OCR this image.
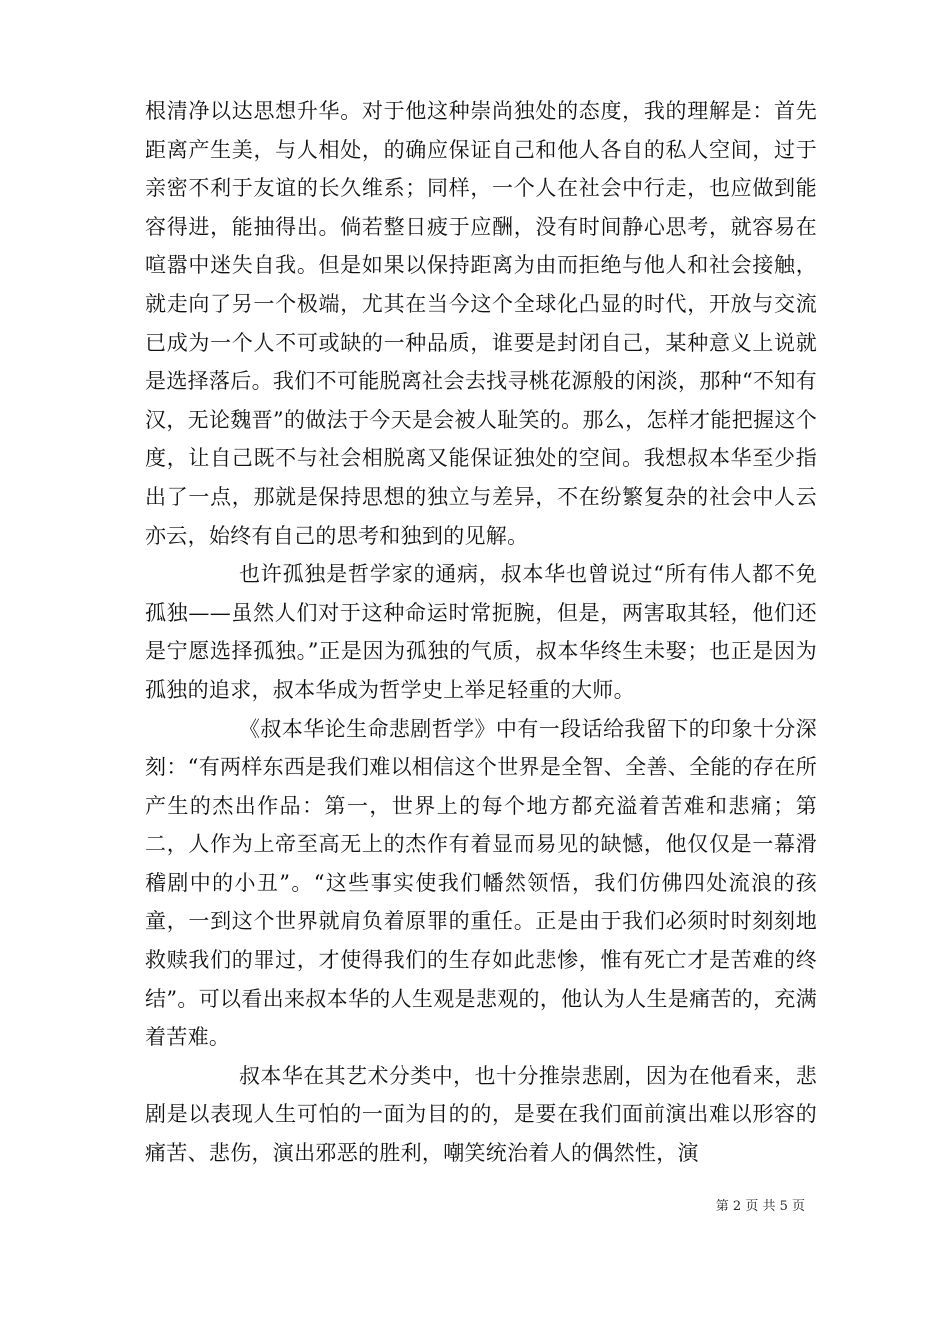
根清净以达思想升华。对于他这种崇尚独处的态度，我的理解是：首先距离产生美，与人相处，的确应保证自己和他人各自的私人空间，过于亲密不利于友谊的长久维系；同样，一个人在社会中行走，也应做到能容得进，能抽得出。倘若整日疲于应酬，没有时间静心思考，就容易在喧嚣中迷失自我。但是如果以保持距离为由而拒绝与他人和社会接触，就走向了另一个极端，尤其在当今这个全球化凸显的时代，开放与交流已成为一个人不可或缺的一种品质，谁要是封闭自己，某种意义上说就是选择落后。我们不可能脱离社会去找寻桃花源般的闲淡，那种“不知有汉，无论魏晋”的做法于今天是会被人耻笑的。那么，怎样才能把握这个度，让自己既不与社会相脱离又能保证独处的空间。我想叔本华至少指出了一点，那就是保持思想的独立与差异，不在纷繁复杂的社会中人云亦云，始终有自己的思考和独到的见解。

也许孤独是哲学家的通病，叔本华也曾说过“所有伟人都不免孤独——虽然人们对于这种命运时常扼腕，但是，两害取其轻，他们还是宁愿选择孤独。”正是因为孤独的气质，叔本华终生未娶；也正是因为孤独的追求，叔本华成为哲学史上举足轻重的大师。

《叔本华论生命悲剧哲学》中有一段话给我留下的印象十分深刻：“有两样东西是我们难以相信这个世界是全智、全善、全能的存在所产生的杰出作品：第一，世界上的每个地方都充溢着苦难和悲痛；第二，人作为上帝至高无上的杰作有着显而易见的缺憾，他仅仅是一幕滑稽剧中的小丑”。“这些事实使我们幡然领悟，我们仿佛四处流浪的孩童，一到这个世界就肩负着原罪的重任。正是由于我们必须时时刻刻地救赎我们的罪过，才使得我们的生存如此悲惨，惟有死亡才是苦难的终结”。可以看出来叔本华的人生观是悲观的，他认为人生是痛苦的，充满着苦难。

叔本华在其艺术分类中，也十分推崇悲剧，因为在他看来，悲剧是以表现人生可怕的一面为目的的，是要在我们面前演出难以形容的痛苦、悲伤，演出邪恶的胜利，嘲笑统治着人的偶然性，演

第 2 页 共 5 页
